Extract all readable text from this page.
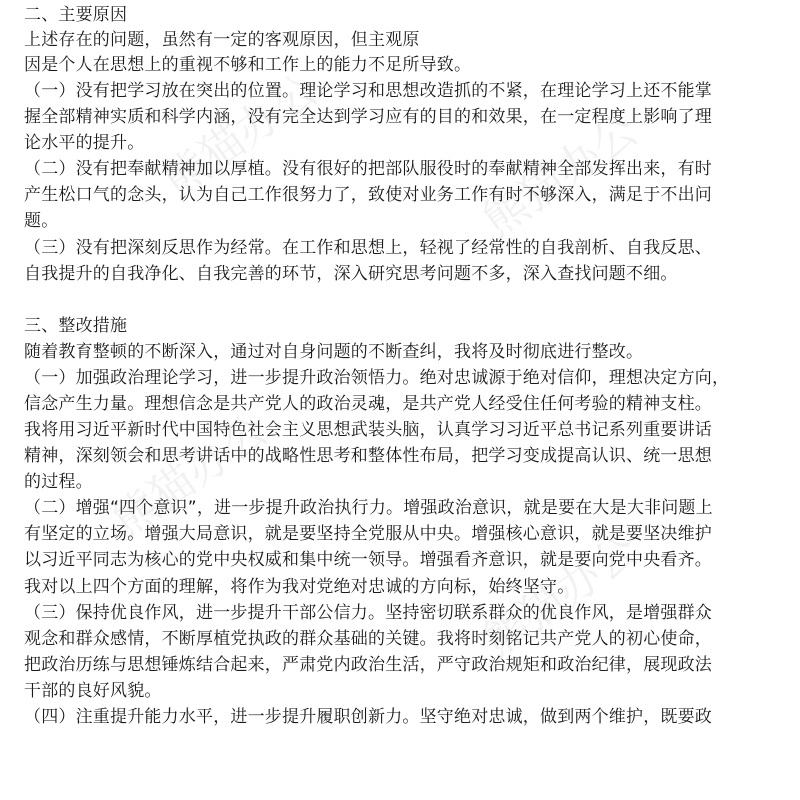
熊猫办公	熊猫办公
熊猫办公
熊猫办公
二、主要原因
上述存在的问题，虽然有一定的客观原因，但主观原
因是个人在思想上的重视不够和工作上的能力不足所导致。
（一）没有把学习放在突出的位置。理论学习和思想改造抓的不紧，在理论学习上还不能掌
握全部精神实质和科学内涵，没有完全达到学习应有的目的和效果，在一定程度上影响了理
论水平的提升。
（二）没有把奉献精神加以厚植。没有很好的把部队服役时的奉献精神全部发挥出来，有时
产生松口气的念头，认为自己工作很努力了，致使对业务工作有时不够深入，满足于不出问
题。
（三）没有把深刻反思作为经常。在工作和思想上，轻视了经常性的自我剖析、自我反思、
自我提升的自我净化、自我完善的环节，深入研究思考问题不多，深入查找问题不细。
三、整改措施
随着教育整顿的不断深入，通过对自身问题的不断查纠，我将及时彻底进行整改。
（一）加强政治理论学习，进一步提升政治领悟力。绝对忠诚源于绝对信仰，理想决定方向，
信念产生力量。理想信念是共产党人的政治灵魂，是共产党人经受住任何考验的精神支柱。
我将用习近平新时代中国特色社会主义思想武装头脑，认真学习习近平总书记系列重要讲话
精神，深刻领会和思考讲话中的战略性思考和整体性布局，把学习变成提高认识、统一思想
的过程。
（二）增强“四个意识”，进一步提升政治执行力。增强政治意识，就是要在大是大非问题上
有坚定的立场。增强大局意识，就是要坚持全党服从中央。增强核心意识，就是要坚决维护
以习近平同志为核心的党中央权威和集中统一领导。增强看齐意识，就是要向党中央看齐。
我对以上四个方面的理解，将作为我对党绝对忠诚的方向标，始终坚守。
（三）保持优良作风，进一步提升干部公信力。坚持密切联系群众的优良作风，是增强群众
观念和群众感情，不断厚植党执政的群众基础的关键。我将时刻铭记共产党人的初心使命，
把政治历练与思想锤炼结合起来，严肃党内政治生活，严守政治规矩和政治纪律，展现政法
干部的良好风貌。
（四）注重提升能力水平，进一步提升履职创新力。坚守绝对忠诚，做到两个维护，既要政
